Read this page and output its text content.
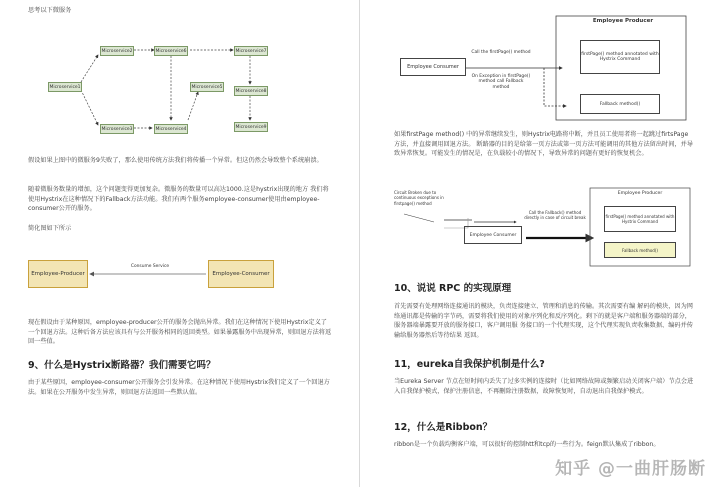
思考以下微服务

Microservice1
Microservice2
Microservice3	Microservice4
Microservice5
Microservice6	Microservice7
Microservice8
Microservice9

假设如果上图中的微服务9失败了，那么使用传统方法我们将传播一个异常。但这仍然会导致整个系统崩溃。

随着微服务数量的增加，这个问题变得更加复杂。微服务的数量可以高达1000.这是hystrix出现的地方 我们将使用Hystrix在这种情况下的Fallback方法功能。我们有两个服务employee-consumer使用由employee-consumer公开的服务。

简化图如下所示

Employee-Producer
Consume Service
Employee-Consumer

现在假设由于某种原因，employee-producer公开的服务会抛出异常。我们在这种情况下使用Hystrix定义了一个回退方法。这种后备方法应该具有与公开服务相同的返回类型。如果暴露服务中出现异常，则回退方法将返回一些值。

9、什么是Hystrix断路器？我们需要它吗？

由于某些原因，employee-consumer公开服务会引发异常。在这种情况下使用Hystrix我们定义了一个回退方法。如果在公开服务中发生异常，则回退方法返回一些默认值。

Employee Consumer
Call the firstPage() method
On Exception in firstPage() method call Fallback method
Employee Producer
firstPage() method annotated with Hystrix Command
Fallback method()

如果firstPage method() 中的异常继续发生，则Hystrix电路将中断，并且员工使用者将一起跳过firtsPage方法，并直接调用回退方法。 断路器的目的是给第一页方法或第一页方法可能调用的其他方法留出时间，并导致异常恢复。可能发生的情况是，在负载较小的情况下，导致异常的问题有更好的恢复机会。

Circuit Broken due to continuous exceptions in firstpage() method
Employee Consumer
Call the Fallback() method directly in case of circuit break
Employee Producer
firstPage() method annotated with Hystrix Command
Fallback method()
10、说说 RPC 的实现原理

首先需要有处理网络连接通讯的模块，负责连接建立、管理和消息的传输。其次需要有编 解码的模块，因为网络通讯都是传输的字节码，需要将我们使用的对象序列化和反序列化。剩下的就是客户端和服务器端的部分，服务器端暴露要开放的服务接口，客户调用服 务接口的一个代理实现，这个代理实现负责收集数据、编码并传输给服务器然后等待结果 返回。

11，eureka自我保护机制是什么?

当Eureka Server 节点在短时间内丢失了过多实例的连接时（比如网络故障或频繁启动关闭客户端）节点会进入自我保护模式，保护注册信息，不再删除注册数据，故障恢复时，自动退出自我保护模式。

12，什么是Ribbon？

ribbon是一个负载均衡客户端，可以很好的控制htt和tcp的一些行为。feign默认集成了ribbon。

知乎 @一曲肝肠断
